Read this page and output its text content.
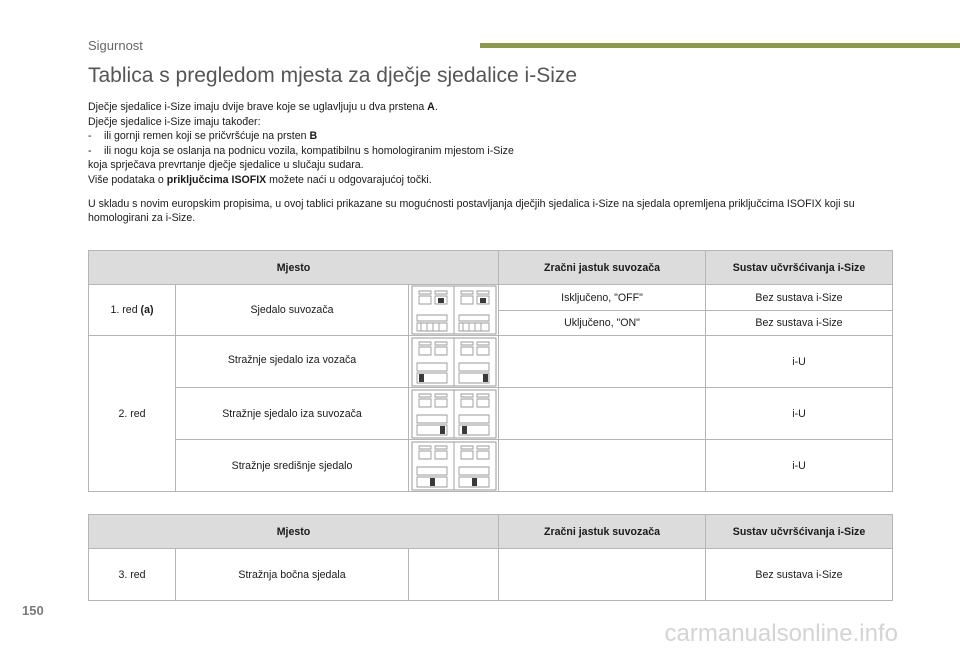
Sigurnost
Tablica s pregledom mjesta za dječje sjedalice i-Size
Dječje sjedalice i-Size imaju dvije brave koje se uglavljuju u dva prstena A.
Dječje sjedalice i-Size imaju također:
- ili gornji remen koji se pričvršćuje na prsten B
- ili nogu koja se oslanja na podnicu vozila, kompatibilnu s homologiranim mjestom i-Size
koja sprječava prevrtanje dječje sjedalice u slučaju sudara.
Više podataka o priključcima ISOFIX možete naći u odgovarajućoj točki.
U skladu s novim europskim propisima, u ovoj tablici prikazane su mogućnosti postavljanja dječjih sjedalica i-Size na sjedala opremljena priključcima ISOFIX koji su homologirani za i-Size.
Mjesto			Zračni jastuk suvozača	Sustav učvršćivanja i-Size
1. red (a)	Sjedalo suvozača		Isključeno, "OFF"	Bez sustava i-Size
			Uključeno, "ON"	Bez sustava i-Size
2. red	Stražnje sjedalo iza vozača			i-U
	Stražnje sjedalo iza suvozača			i-U
	Stražnje središnje sjedalo			i-U
Mjesto			Zračni jastuk suvozača	Sustav učvršćivanja i-Size
3. red	Stražnja bočna sjedala			Bez sustava i-Size
150
carmanualsonline.info
